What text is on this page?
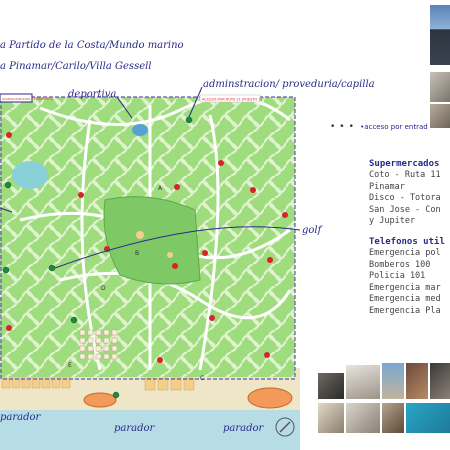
ACCESO POR RUTA 11 (PUESTO 2)	ACCESO POR RUTA 11 (PUESTO 1)
A
B
C
D
E
a Partido de la Costa/Mundo marino
a Pinamar/Carilo/Villa Gessell
deportiva
adminstracion/ proveduria/capilla
golf
parador
parador	parador
••• •acceso por entrad
Supermercados
Coto - Ruta 11
Pinamar
Disco - Totora
San Jose - Con
y Jupiter
Telefonos util
Emergencia pol
Bomberos 100
Policia 101
Emergencia mar
Emergencia med
Emergencia Pla
